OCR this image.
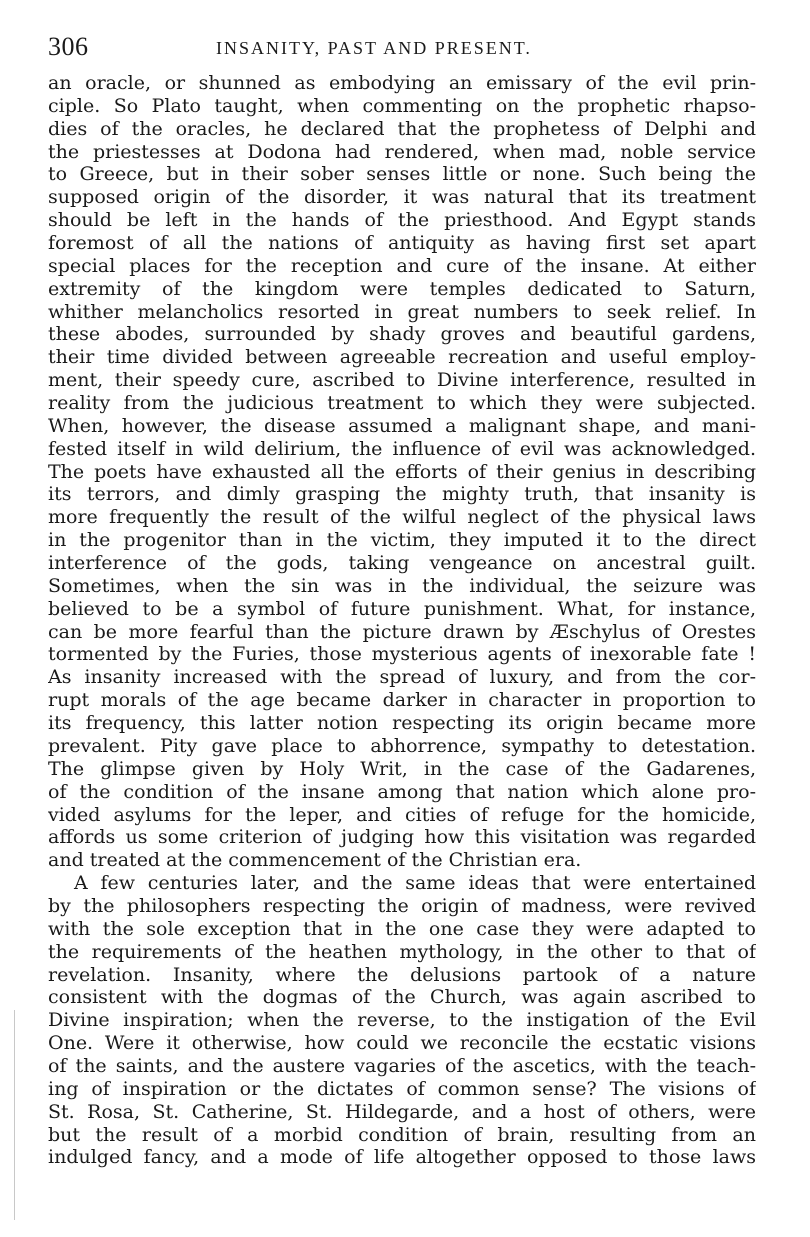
306	INSANITY, PAST AND PRESENT.
an oracle, or shunned as embodying an emissary of the evil prin-
ciple. So Plato taught, when commenting on the prophetic rhapso-
dies of the oracles, he declared that the prophetess of Delphi and
the priestesses at Dodona had rendered, when mad, noble service
to Greece, but in their sober senses little or none. Such being the
supposed origin of the disorder, it was natural that its treatment
should be left in the hands of the priesthood. And Egypt stands
foremost of all the nations of antiquity as having first set apart
special places for the reception and cure of the insane. At either
extremity of the kingdom were temples dedicated to Saturn,
whither melancholics resorted in great numbers to seek relief. In
these abodes, surrounded by shady groves and beautiful gardens,
their time divided between agreeable recreation and useful employ-
ment, their speedy cure, ascribed to Divine interference, resulted in
reality from the judicious treatment to which they were subjected.
When, however, the disease assumed a malignant shape, and mani-
fested itself in wild delirium, the influence of evil was acknowledged.
The poets have exhausted all the efforts of their genius in describing
its terrors, and dimly grasping the mighty truth, that insanity is
more frequently the result of the wilful neglect of the physical laws
in the progenitor than in the victim, they imputed it to the direct
interference of the gods, taking vengeance on ancestral guilt.
Sometimes, when the sin was in the individual, the seizure was
believed to be a symbol of future punishment. What, for instance,
can be more fearful than the picture drawn by Æschylus of Orestes
tormented by the Furies, those mysterious agents of inexorable fate !
As insanity increased with the spread of luxury, and from the cor-
rupt morals of the age became darker in character in proportion to
its frequency, this latter notion respecting its origin became more
prevalent. Pity gave place to abhorrence, sympathy to detestation.
The glimpse given by Holy Writ, in the case of the Gadarenes,
of the condition of the insane among that nation which alone pro-
vided asylums for the leper, and cities of refuge for the homicide,
affords us some criterion of judging how this visitation was regarded
and treated at the commencement of the Christian era.
A few centuries later, and the same ideas that were entertained
by the philosophers respecting the origin of madness, were revived
with the sole exception that in the one case they were adapted to
the requirements of the heathen mythology, in the other to that of
revelation. Insanity, where the delusions partook of a nature
consistent with the dogmas of the Church, was again ascribed to
Divine inspiration; when the reverse, to the instigation of the Evil
One. Were it otherwise, how could we reconcile the ecstatic visions
of the saints, and the austere vagaries of the ascetics, with the teach-
ing of inspiration or the dictates of common sense? The visions of
St. Rosa, St. Catherine, St. Hildegarde, and a host of others, were
but the result of a morbid condition of brain, resulting from an
indulged fancy, and a mode of life altogether opposed to those laws
